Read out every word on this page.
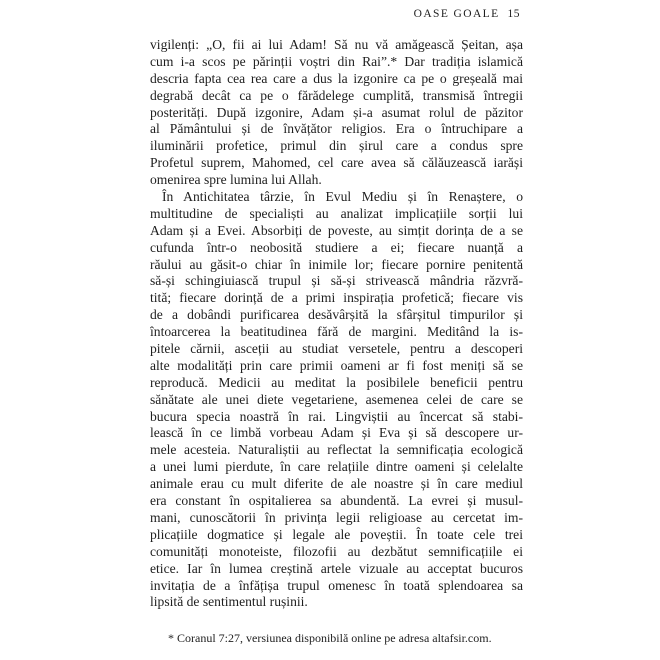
OASE GOALE 15
vigilenți: „O, fii ai lui Adam! Să nu vă amăgească Șeitan, așa
cum i-a scos pe părinții voștri din Rai”.* Dar tradiția islamică
descria fapta cea rea care a dus la izgonire ca pe o greșeală mai
degrabă decât ca pe o fărădelege cumplită, transmisă întregii
posterități. După izgonire, Adam și-a asumat rolul de păzitor
al Pământului și de învățător religios. Era o întruchipare a
iluminării profetice, primul din șirul care a condus spre
Profetul suprem, Mahomed, cel care avea să călăuzească iarăși
omenirea spre lumina lui Allah.
În Antichitatea târzie, în Evul Mediu și în Renaștere, o
multitudine de specialiști au analizat implicațiile sorții lui
Adam și a Evei. Absorbiți de poveste, au simțit dorința de a se
cufunda într-o neobosită studiere a ei; fiecare nuanță a
răului au găsit-o chiar în inimile lor; fiecare pornire penitentă
să-și schingiuiască trupul și să-și strivească mândria răzvră-
tită; fiecare dorință de a primi inspirația profetică; fiecare vis
de a dobândi purificarea desăvârșită la sfârșitul timpurilor și
întoarcerea la beatitudinea fără de margini. Meditând la is-
pitele cărnii, asceții au studiat versetele, pentru a descoperi
alte modalități prin care primii oameni ar fi fost meniți să se
reproducă. Medicii au meditat la posibilele beneficii pentru
sănătate ale unei diete vegetariene, asemenea celei de care se
bucura specia noastră în rai. Lingviștii au încercat să stabi-
lească în ce limbă vorbeau Adam și Eva și să descopere ur-
mele acesteia. Naturaliștii au reflectat la semnificația ecologică
a unei lumi pierdute, în care relațiile dintre oameni și celelalte
animale erau cu mult diferite de ale noastre și în care mediul
era constant în ospitalierea sa abundentă. La evrei și musul-
mani, cunoscătorii în privința legii religioase au cercetat im-
plicațiile dogmatice și legale ale poveștii. În toate cele trei
comunități monoteiste, filozofii au dezbătut semnificațiile ei
etice. Iar în lumea creștină artele vizuale au acceptat bucuros
invitația de a înfățișa trupul omenesc în toată splendoarea sa
lipsită de sentimentul rușinii.
* Coranul 7:27, versiunea disponibilă online pe adresa altafsir.com.
